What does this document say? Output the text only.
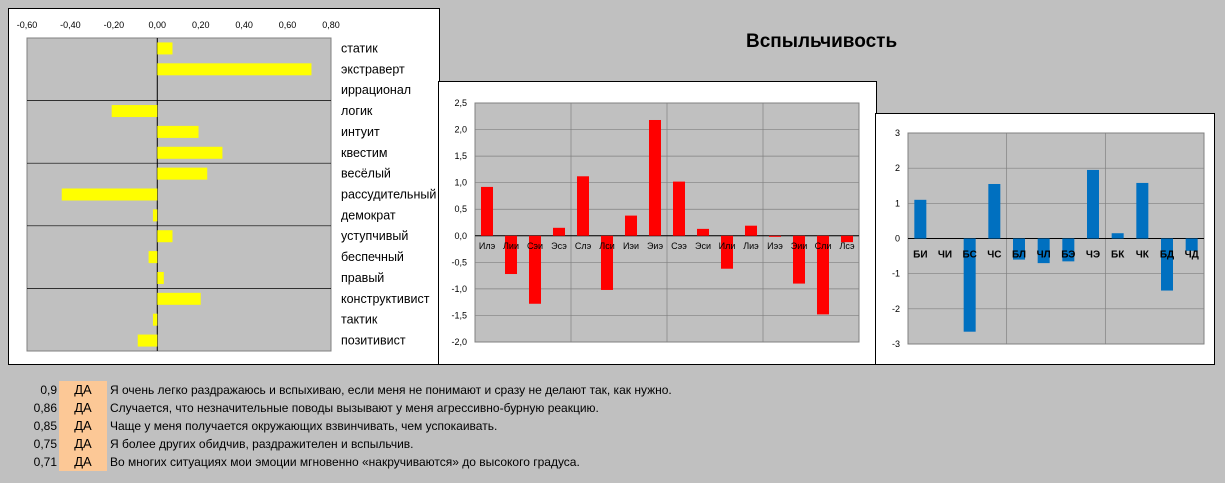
-0,60	-0,40	-0,20	0,00	0,20	0,40	0,60	0,80
статик
экстраверт
иррационал
логик
интуит
квестим
весёлый
рассудительный
демократ
уступчивый
беспечный
правый
конструктивист
тактик
позитивист
Вспыльчивость
2,5
2,0
1,5
1,0
0,5
0,0
-0,5
-1,0
-1,5
-2,0
Илэ Лии Сэи Эсэ Слэ Лси Иэи Эиэ Сээ Эси Или Лиэ Иээ Эии Сли Лсэ
3
2
1
0
-1
-2
-3
БИ ЧИ БС ЧС БЛ ЧЛ БЭ ЧЭ БК ЧК БД ЧД
0,9	ДА	Я очень легко раздражаюсь и вспыхиваю, если меня не понимают и сразу не делают так, как нужно.
0,86	ДА	Случается, что незначительные поводы вызывают у меня агрессивно-бурную реакцию.
0,85	ДА	Чаще у меня получается окружающих взвинчивать, чем успокаивать.
0,75	ДА	Я более других обидчив, раздражителен и вспыльчив.
0,71	ДА	Во многих ситуациях мои эмоции мгновенно «накручиваются» до высокого градуса.
